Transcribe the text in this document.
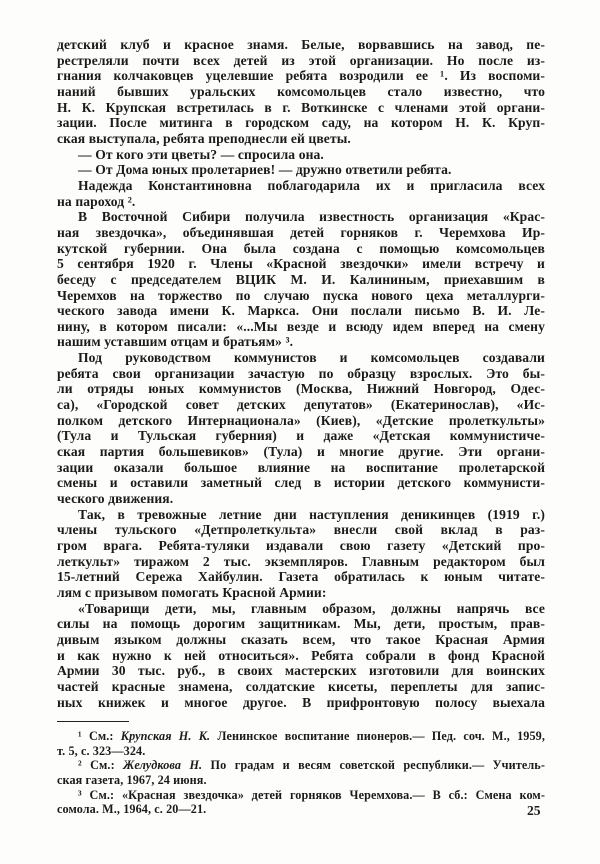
детский клуб и красное знамя. Белые, ворвавшись на завод, пе-
рестреляли почти всех детей из этой организации. Но после из-
гнания колчаковцев уцелевшие ребята возродили ее ¹. Из воспоми-
наний бывших уральских комсомольцев стало известно, что
Н. К. Крупская встретилась в г. Воткинске с членами этой органи-
зации. После митинга в городском саду, на котором Н. К. Круп-
ская выступала, ребята преподнесли ей цветы.
— От кого эти цветы? — спросила она.
— От Дома юных пролетариев! — дружно ответили ребята.
Надежда Константиновна поблагодарила их и пригласила всех
на пароход ².
В Восточной Сибири получила известность организация «Крас-
ная звездочка», объединявшая детей горняков г. Черемхова Ир-
кутской губернии. Она была создана с помощью комсомольцев
5 сентября 1920 г. Члены «Красной звездочки» имели встречу и
беседу с председателем ВЦИК М. И. Калининым, приехавшим в
Черемхов на торжество по случаю пуска нового цеха металлурги-
ческого завода имени К. Маркса. Они послали письмо В. И. Ле-
нину, в котором писали: «...Мы везде и всюду идем вперед на смену
нашим уставшим отцам и братьям» ³.
Под руководством коммунистов и комсомольцев создавали
ребята свои организации зачастую по образцу взрослых. Это бы-
ли отряды юных коммунистов (Москва, Нижний Новгород, Одес-
са), «Городской совет детских депутатов» (Екатеринослав), «Ис-
полком детского Интернационала» (Киев), «Детские пролеткульты»
(Тула и Тульская губерния) и даже «Детская коммунистиче-
ская партия большевиков» (Тула) и многие другие. Эти органи-
зации оказали большое влияние на воспитание пролетарской
смены и оставили заметный след в истории детского коммунисти-
ческого движения.
Так, в тревожные летние дни наступления деникинцев (1919 г.)
члены тульского «Детпролеткульта» внесли свой вклад в раз-
гром врага. Ребята-туляки издавали свою газету «Детский про-
леткульт» тиражом 2 тыс. экземпляров. Главным редактором был
15-летний Сережа Хайбулин. Газета обратилась к юным читате-
лям с призывом помогать Красной Армии:
«Товарищи дети, мы, главным образом, должны напрячь все
силы на помощь дорогим защитникам. Мы, дети, простым, прав-
дивым языком должны сказать всем, что такое Красная Армия
и как нужно к ней относиться». Ребята собрали в фонд Красной
Армии 30 тыс. руб., в своих мастерских изготовили для воинских
частей красные знамена, солдатские кисеты, переплеты для запис-
ных книжек и многое другое. В прифронтовую полосу выехала
¹ См.: Крупская Н. К. Ленинское воспитание пионеров.— Пед. соч. М., 1959,
т. 5, с. 323—324.
² См.: Желудкова Н. По градам и весям советской республики.— Учитель-
ская газета, 1967, 24 июня.
³ См.: «Красная звездочка» детей горняков Черемхова.— В сб.: Смена ком-
сомола. М., 1964, с. 20—21.	25
